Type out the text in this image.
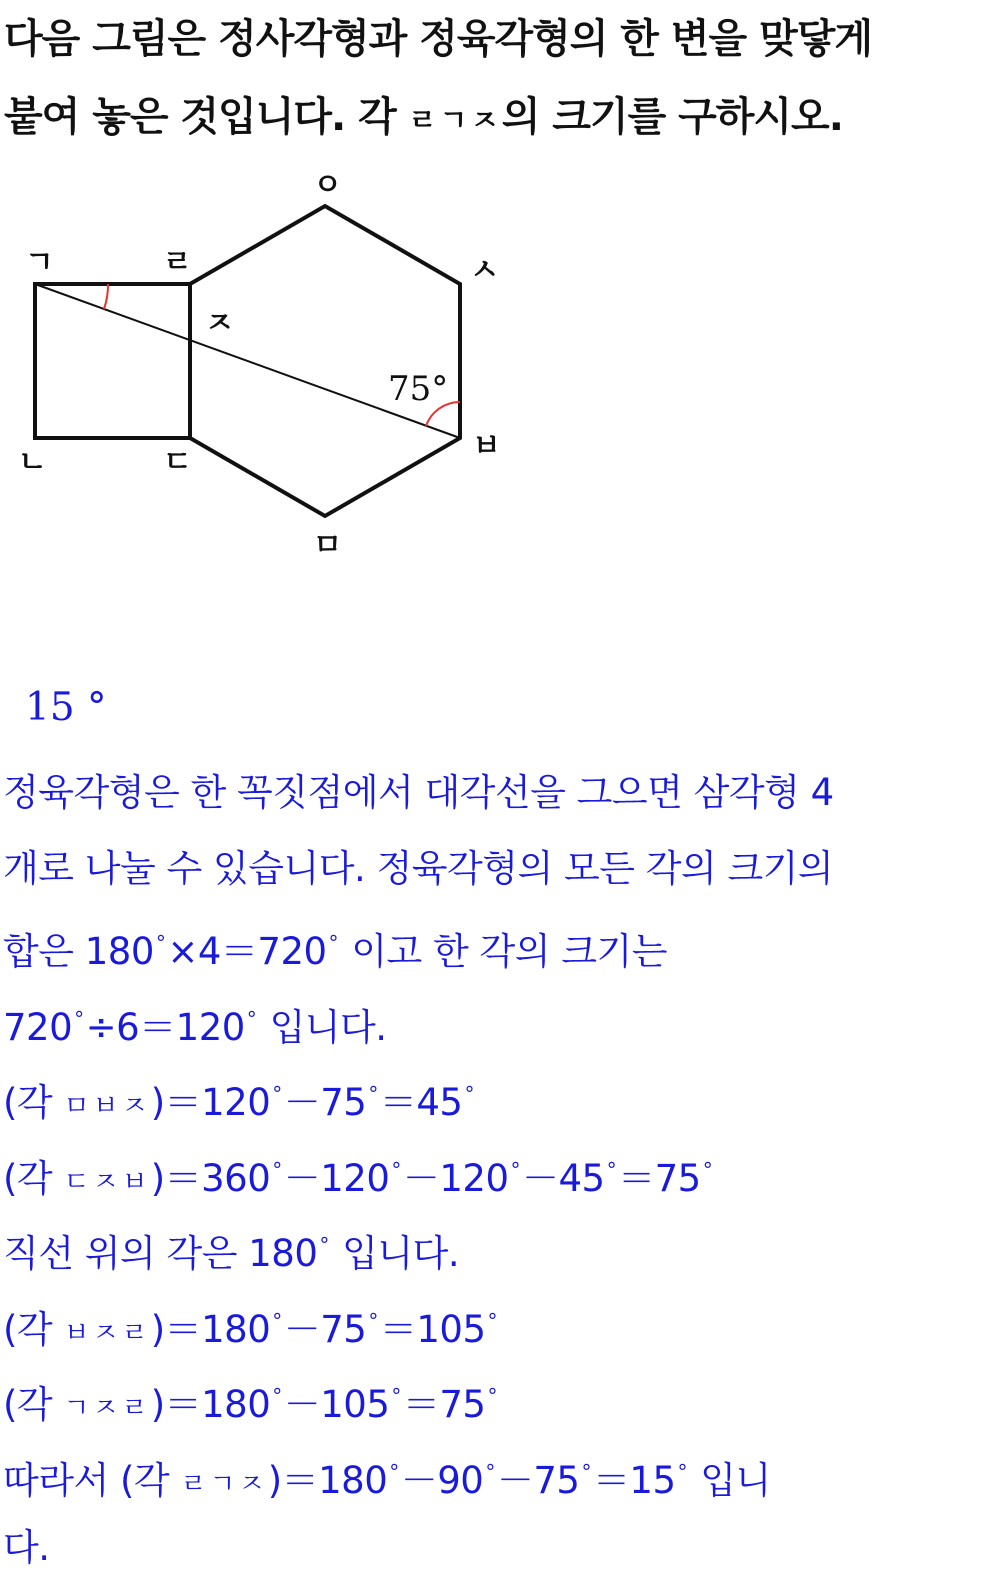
다음 그림은 정사각형과 정육각형의 한 변을 맞닿게

붙여 놓은 것입니다. 각 ㄹㄱㅈ의 크기를 구하시오.

ㄱ	ㄹ
ㄴ	ㄷ
ㅇ
ㅅ
ㅂ
ㅁ
ㅈ
75°
15 °

정육각형은 한 꼭짓점에서 대각선을 그으면 삼각형 4

개로 나눌 수 있습니다. 정육각형의 모든 각의 크기의

합은 180 °×4＝720 ° 이고 한 각의 크기는

720 °÷6＝120 ° 입니다.

(각 ㅁㅂㅈ)＝120 °－75 °＝45 °

(각 ㄷㅈㅂ)＝360 °－120 °－120 °－45 °＝75 °

직선 위의 각은 180 ° 입니다.

(각 ㅂㅈㄹ)＝180 °－75 °＝105 °

(각 ㄱㅈㄹ)＝180 °－105 °＝75 °

따라서 (각 ㄹㄱㅈ)＝180 °－90 °－75 °＝15 ° 입니

다.
